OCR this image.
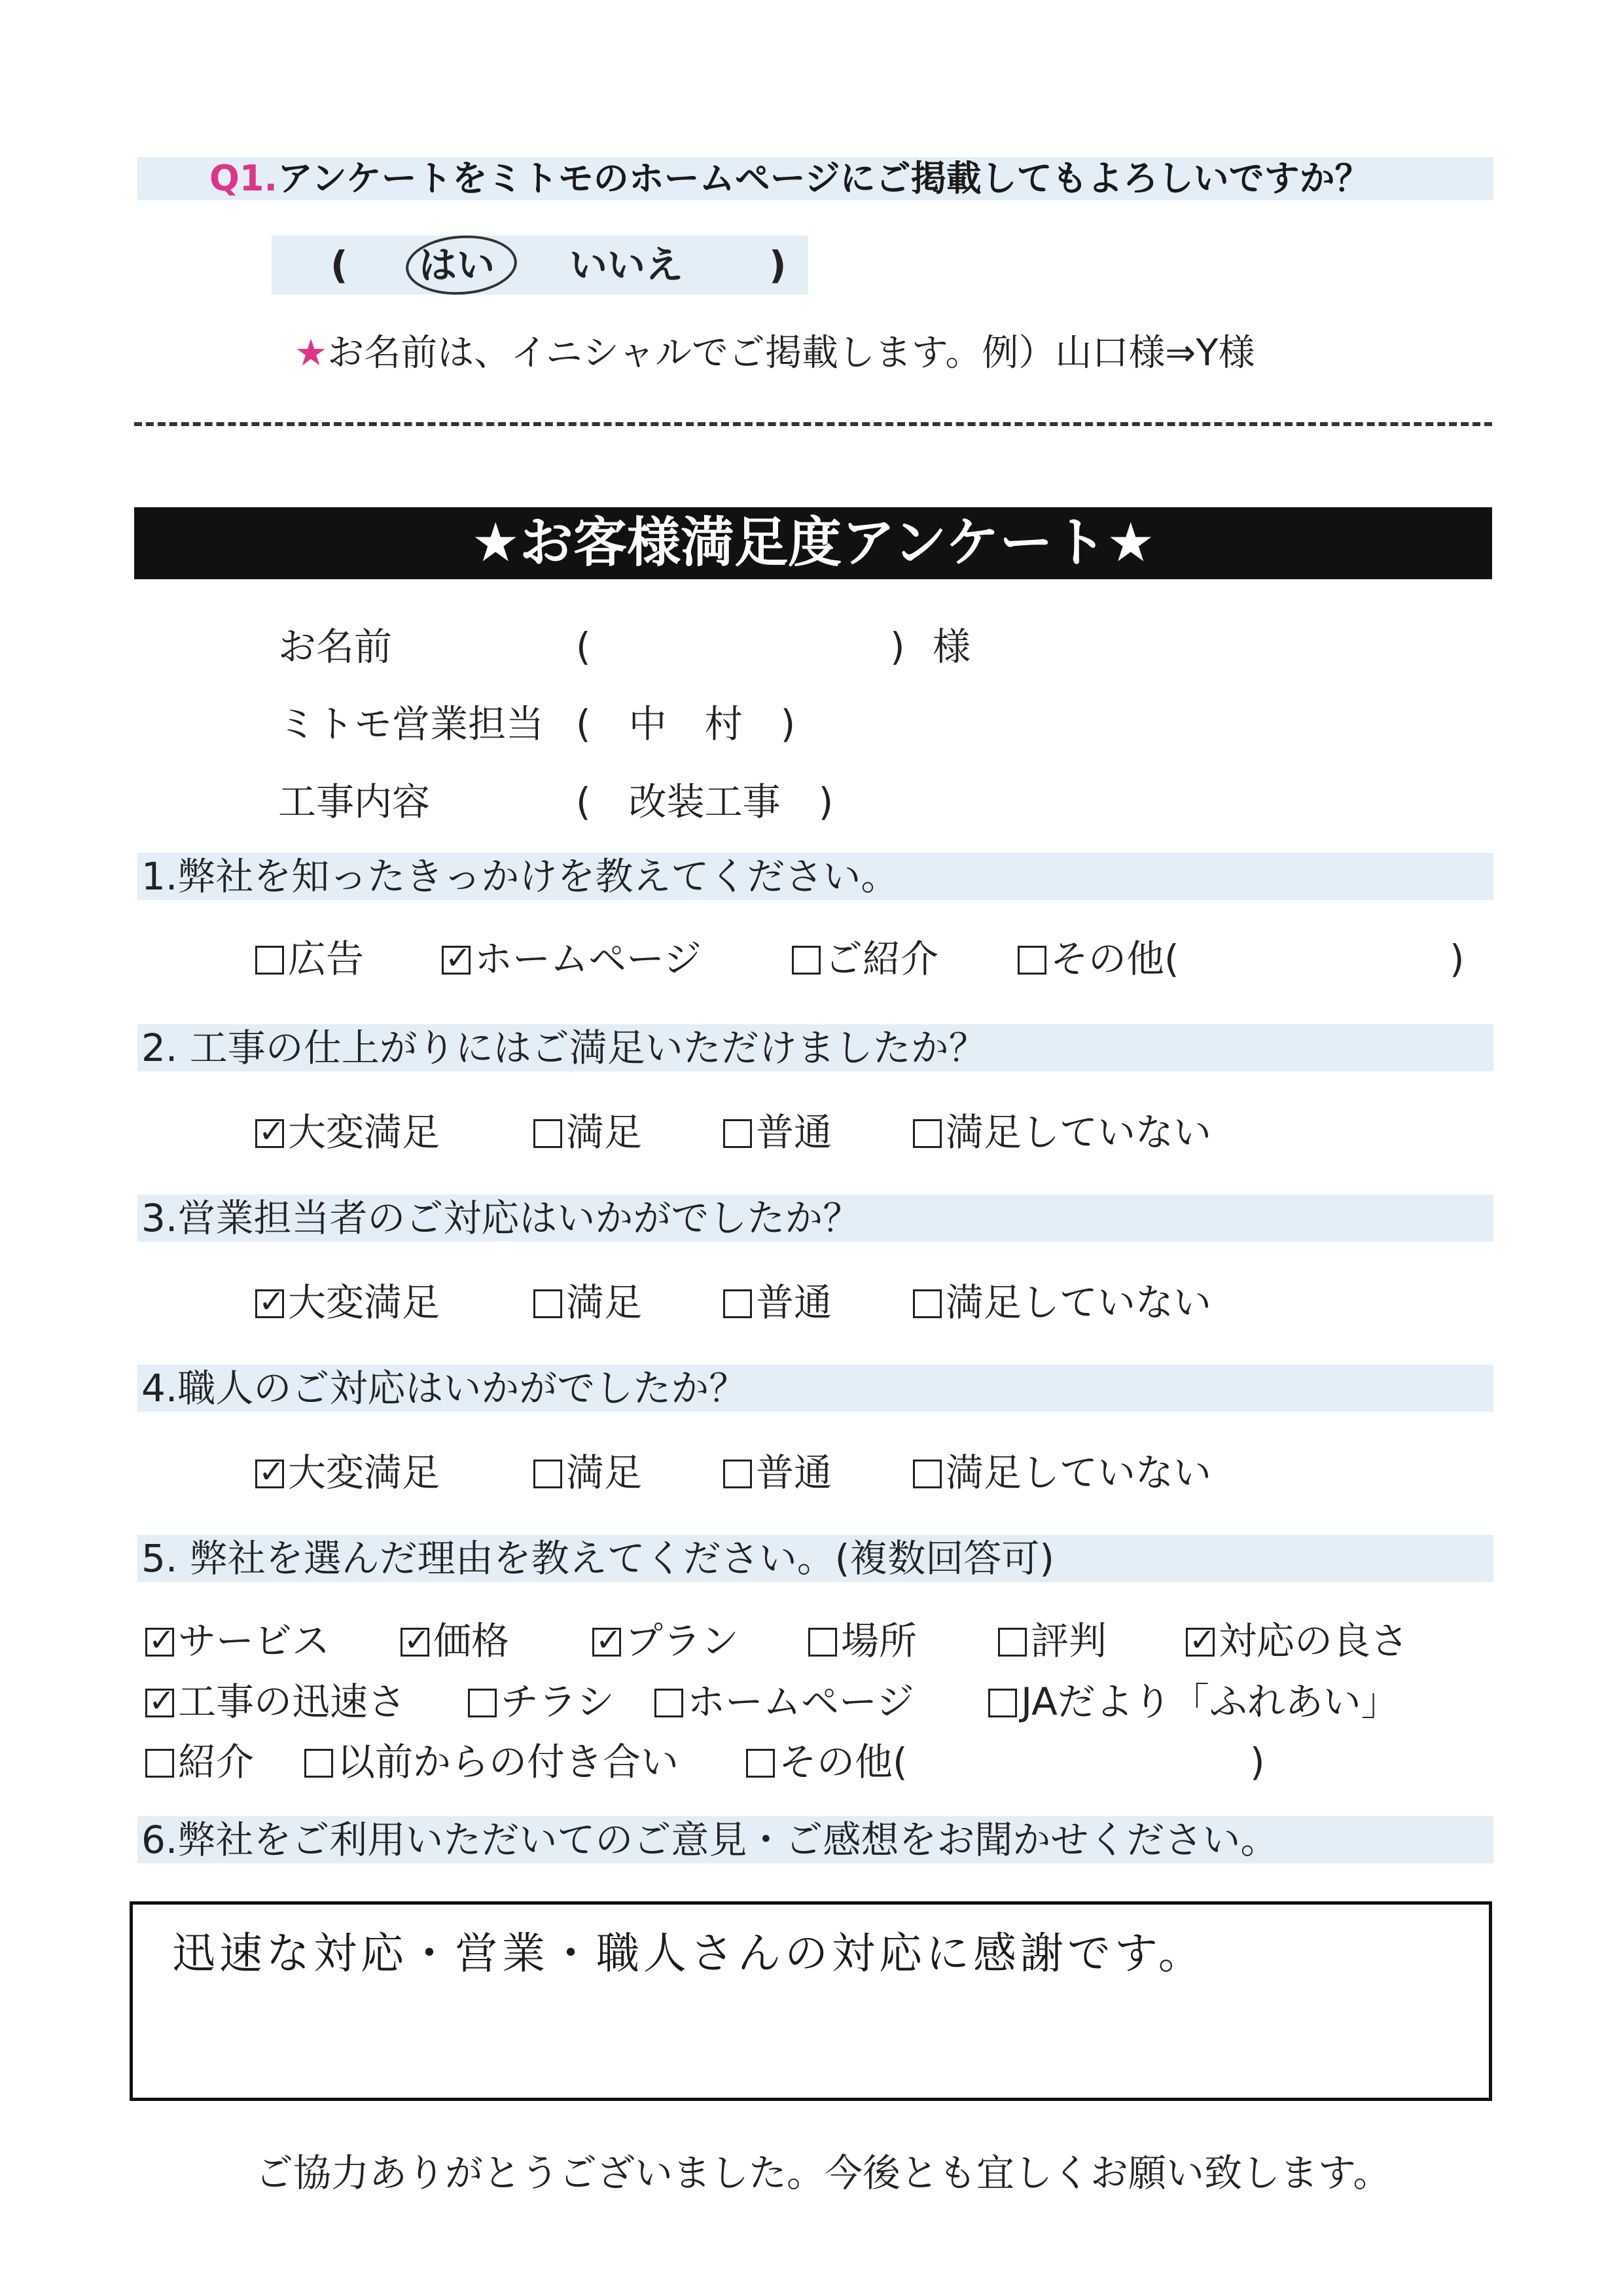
Q1.アンケートをミトモのホームページにご掲載してもよろしいですか？
( はい いいえ )
★お名前は、イニシャルでご掲載します。例）山口様⇒Y様
★お客様満足度アンケート★
お名前	(	) 様
ミトモ営業担当 (　中　村　)
工事内容	(　改装工事　)
1.弊社を知ったきっかけを教えてください。
広告 ✓	ホームページ	ご紹介	その他(	)
2. 工事の仕上がりにはご満足いただけましたか？
✓大変満足	満足	普通	満足していない
3.営業担当者のご対応はいかがでしたか？
✓大変満足	満足	普通	満足していない
4.職人のご対応はいかがでしたか？
✓大変満足	満足	普通	満足していない
5. 弊社を選んだ理由を教えてください。(複数回答可)
✓サービス ✓	価格 ✓	プラン	場所	評判 ✓	対応の良さ
✓工事の迅速さ	チラシ	ホームページ	JAだより「ふれあい」
紹介	以前からの付き合い	その他(	)
6.弊社をご利用いただいてのご意見・ご感想をお聞かせください。
迅速な対応・営業・職人さんの対応に感謝です。
ご協力ありがとうございました。今後とも宜しくお願い致します。
